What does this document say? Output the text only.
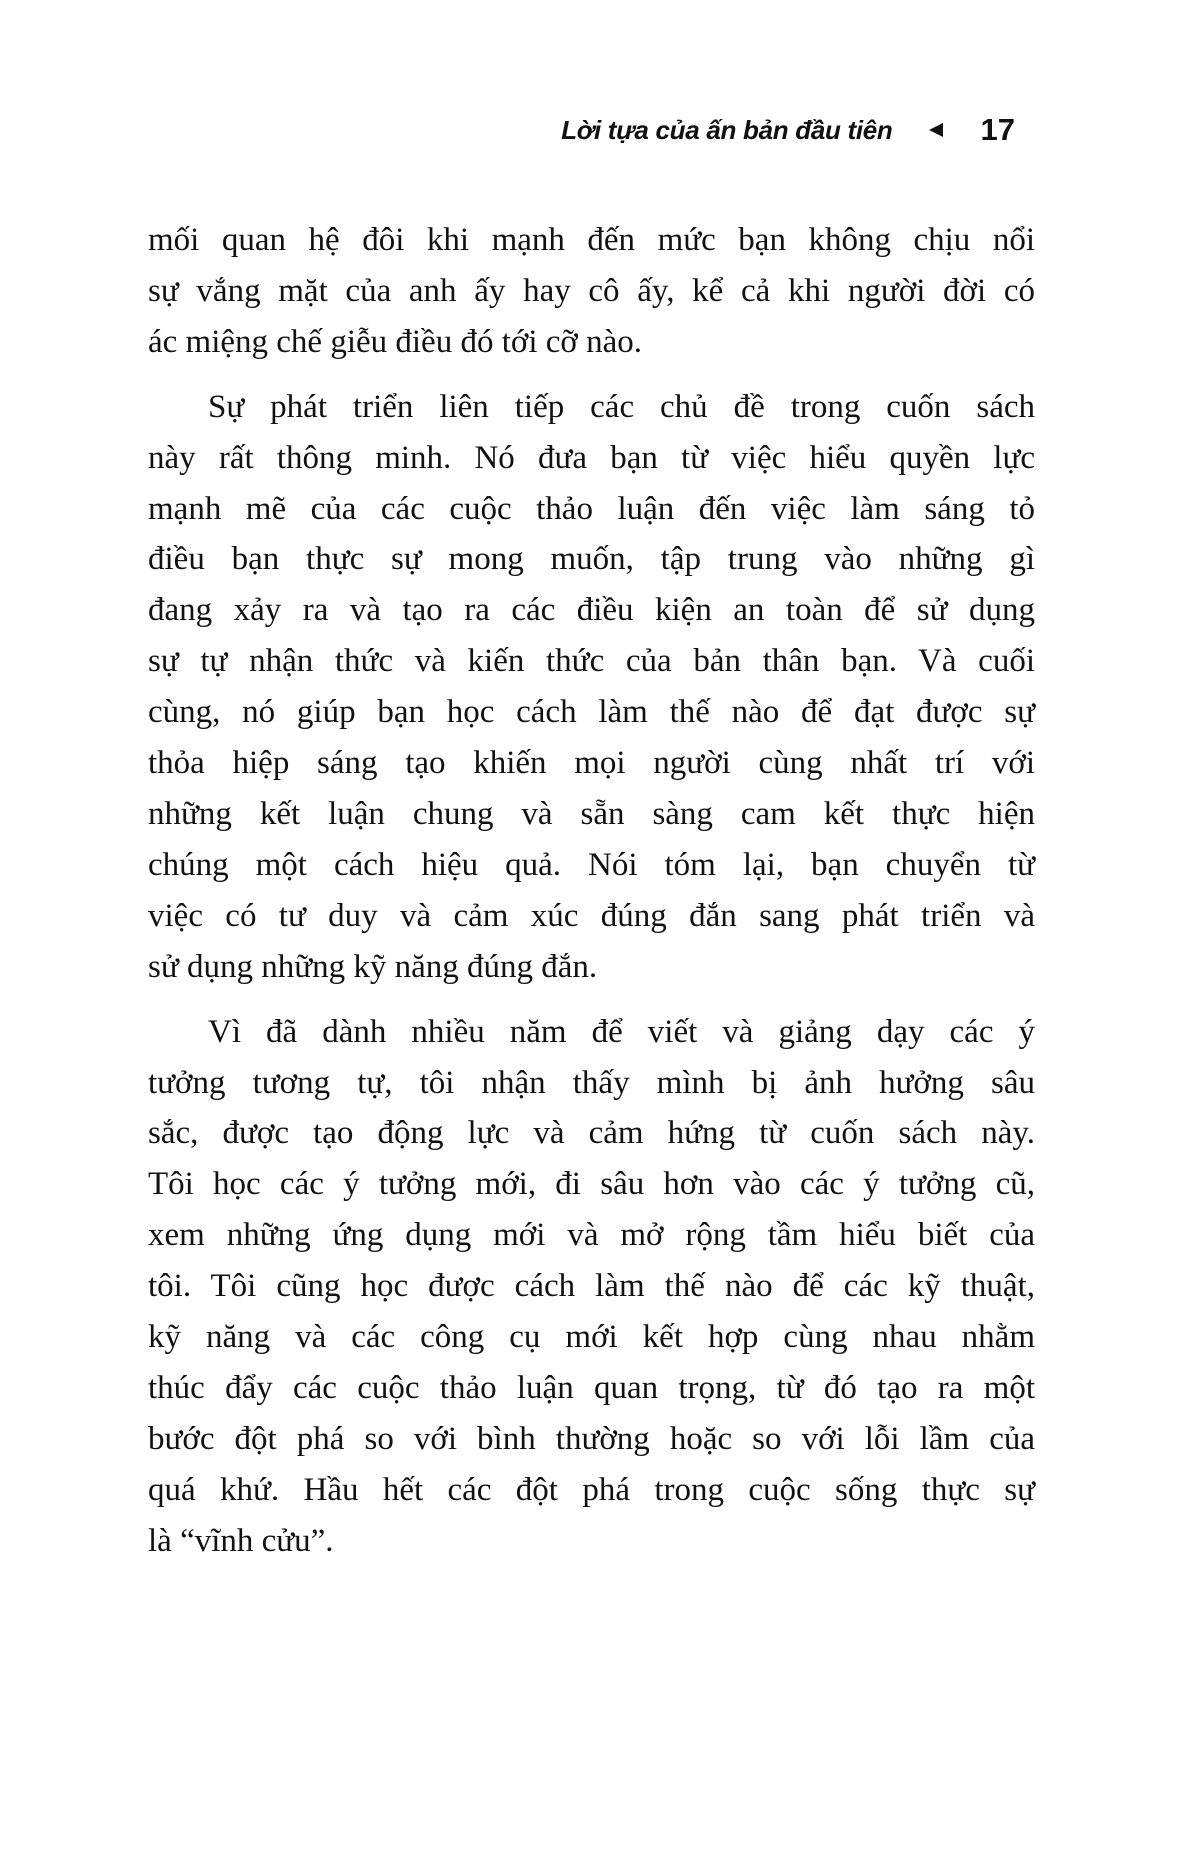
Lời tựa của ấn bản đầu tiên	17
mối quan hệ đôi khi mạnh đến mức bạn không chịu nổi
sự vắng mặt của anh ấy hay cô ấy, kể cả khi người đời có
ác miệng chế giễu điều đó tới cỡ nào.
Sự phát triển liên tiếp các chủ đề trong cuốn sách
này rất thông minh. Nó đưa bạn từ việc hiểu quyền lực
mạnh mẽ của các cuộc thảo luận đến việc làm sáng tỏ
điều bạn thực sự mong muốn, tập trung vào những gì
đang xảy ra và tạo ra các điều kiện an toàn để sử dụng
sự tự nhận thức và kiến thức của bản thân bạn. Và cuối
cùng, nó giúp bạn học cách làm thế nào để đạt được sự
thỏa hiệp sáng tạo khiến mọi người cùng nhất trí với
những kết luận chung và sẵn sàng cam kết thực hiện
chúng một cách hiệu quả. Nói tóm lại, bạn chuyển từ
việc có tư duy và cảm xúc đúng đắn sang phát triển và
sử dụng những kỹ năng đúng đắn.
Vì đã dành nhiều năm để viết và giảng dạy các ý
tưởng tương tự, tôi nhận thấy mình bị ảnh hưởng sâu
sắc, được tạo động lực và cảm hứng từ cuốn sách này.
Tôi học các ý tưởng mới, đi sâu hơn vào các ý tưởng cũ,
xem những ứng dụng mới và mở rộng tầm hiểu biết của
tôi. Tôi cũng học được cách làm thế nào để các kỹ thuật,
kỹ năng và các công cụ mới kết hợp cùng nhau nhằm
thúc đẩy các cuộc thảo luận quan trọng, từ đó tạo ra một
bước đột phá so với bình thường hoặc so với lỗi lầm của
quá khứ. Hầu hết các đột phá trong cuộc sống thực sự
là “vĩnh cửu”.
